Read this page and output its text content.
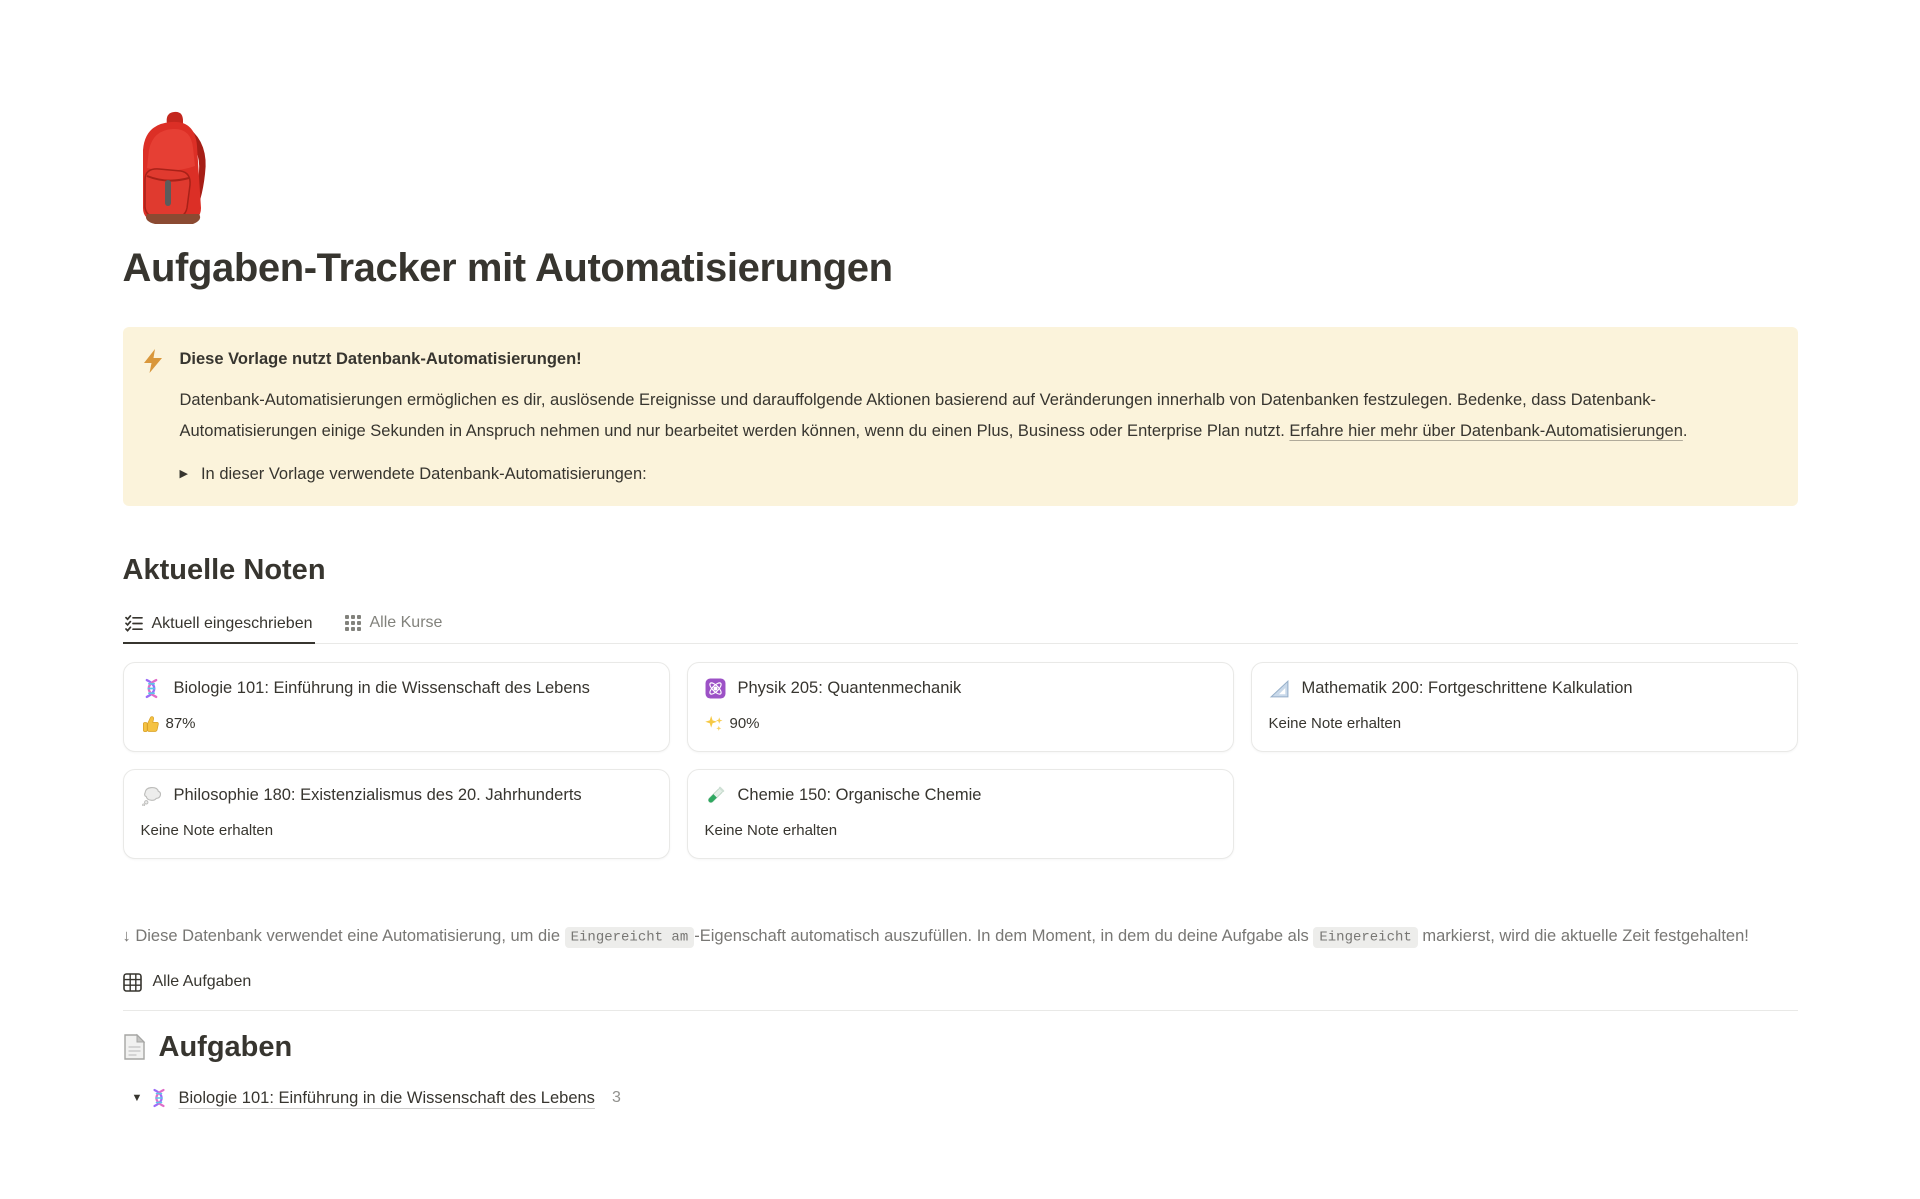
Aufgaben-Tracker mit Automatisierungen
Diese Vorlage nutzt Datenbank-Automatisierungen!
Datenbank-Automatisierungen ermöglichen es dir, auslösende Ereignisse und darauffolgende Aktionen basierend auf Veränderungen innerhalb von Datenbanken festzulegen. Bedenke, dass Datenbank-Automatisierungen einige Sekunden in Anspruch nehmen und nur bearbeitet werden können, wenn du einen Plus, Business oder Enterprise Plan nutzt. Erfahre hier mehr über Datenbank-Automatisierungen.
▶ In dieser Vorlage verwendete Datenbank-Automatisierungen:
Aktuelle Noten
Aktuell eingeschrieben	Alle Kurse
Biologie 101: Einführung in die Wissenschaft des Lebens
87%
Physik 205: Quantenmechanik
90%
Mathematik 200: Fortgeschrittene Kalkulation
Keine Note erhalten
Philosophie 180: Existenzialismus des 20. Jahrhunderts
Keine Note erhalten
Chemie 150: Organische Chemie
Keine Note erhalten
↓ Diese Datenbank verwendet eine Automatisierung, um die Eingereicht am -Eigenschaft automatisch auszufüllen. In dem Moment, in dem du deine Aufgabe als Eingereicht markierst, wird die aktuelle Zeit festgehalten!
Alle Aufgaben
Aufgaben
▼	Biologie 101: Einführung in die Wissenschaft des Lebens 3
